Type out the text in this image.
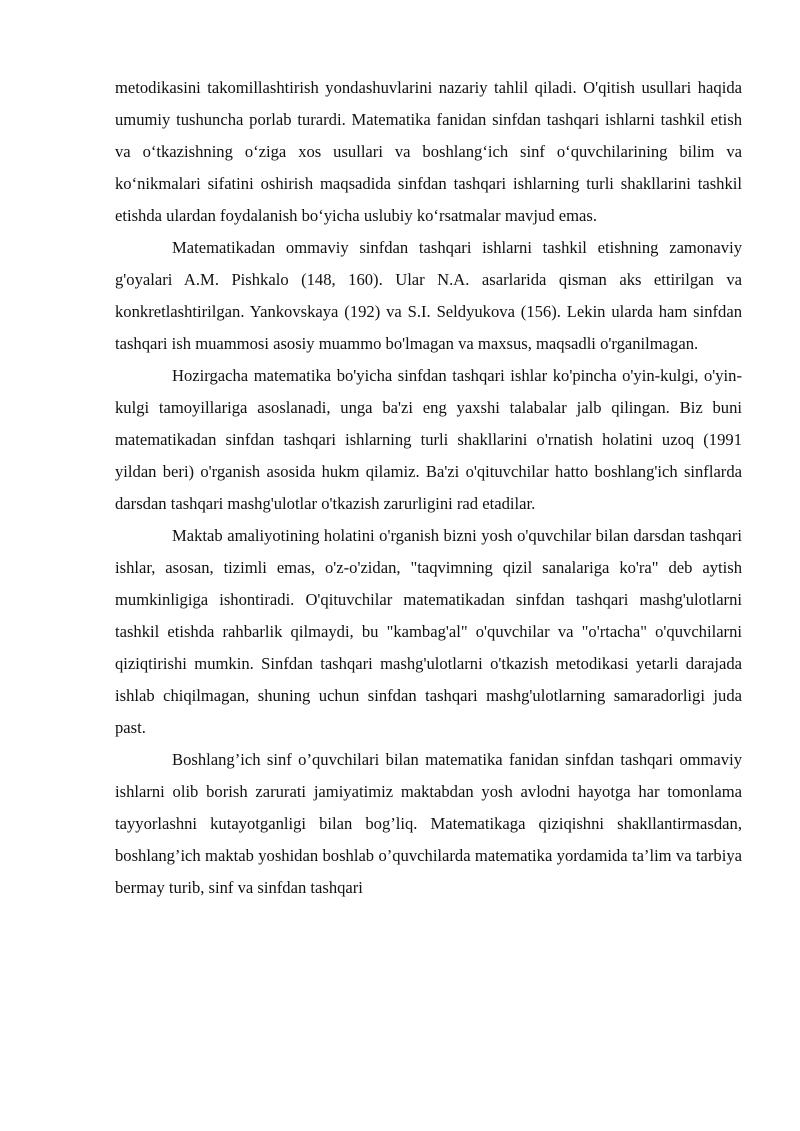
metodikasini takomillashtirish yondashuvlarini nazariy tahlil qiladi. O'qitish usullari haqida umumiy tushuncha porlab turardi. Matematika fanidan sinfdan tashqari ishlarni tashkil etish va o‘tkazishning o‘ziga xos usullari va boshlang‘ich sinf o‘quvchilarining bilim va ko‘nikmalari sifatini oshirish maqsadida sinfdan tashqari ishlarning turli shakllarini tashkil etishda ulardan foydalanish bo‘yicha uslubiy ko‘rsatmalar mavjud emas.

Matematikadan ommaviy sinfdan tashqari ishlarni tashkil etishning zamonaviy g'oyalari A.M. Pishkalo (148, 160). Ular N.A. asarlarida qisman aks ettirilgan va konkretlashtirilgan. Yankovskaya (192) va S.I. Seldyukova (156). Lekin ularda ham sinfdan tashqari ish muammosi asosiy muammo bo'lmagan va maxsus, maqsadli o'rganilmagan.

Hozirgacha matematika bo'yicha sinfdan tashqari ishlar ko'pincha o'yin-kulgi, o'yin-kulgi tamoyillariga asoslanadi, unga ba'zi eng yaxshi talabalar jalb qilingan. Biz buni matematikadan sinfdan tashqari ishlarning turli shakllarini o'rnatish holatini uzoq (1991 yildan beri) o'rganish asosida hukm qilamiz. Ba'zi o'qituvchilar hatto boshlang'ich sinflarda darsdan tashqari mashg'ulotlar o'tkazish zarurligini rad etadilar.

Maktab amaliyotining holatini o'rganish bizni yosh o'quvchilar bilan darsdan tashqari ishlar, asosan, tizimli emas, o'z-o'zidan, "taqvimning qizil sanalariga ko'ra" deb aytish mumkinligiga ishontiradi. O'qituvchilar matematikadan sinfdan tashqari mashg'ulotlarni tashkil etishda rahbarlik qilmaydi, bu "kambag'al" o'quvchilar va "o'rtacha" o'quvchilarni qiziqtirishi mumkin. Sinfdan tashqari mashg'ulotlarni o'tkazish metodikasi yetarli darajada ishlab chiqilmagan, shuning uchun sinfdan tashqari mashg'ulotlarning samaradorligi juda past.

Boshlang’ich sinf o’quvchilari bilan matematika fanidan sinfdan tashqari ommaviy ishlarni olib borish zarurati jamiyatimiz maktabdan yosh avlodni hayotga har tomonlama tayyorlashni kutayotganligi bilan bog’liq. Matematikaga qiziqishni shakllantirmasdan, boshlang’ich maktab yoshidan boshlab o’quvchilarda matematika yordamida ta’lim va tarbiya bermay turib, sinf va sinfdan tashqari
